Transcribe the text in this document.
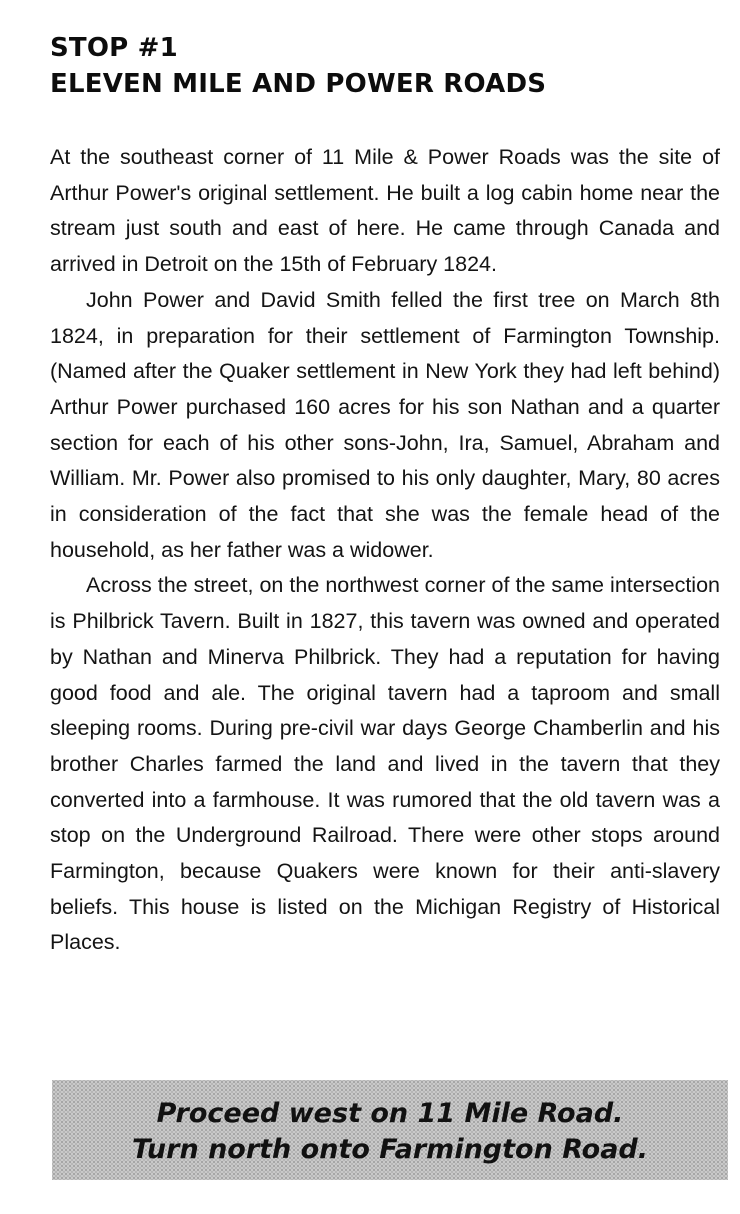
STOP #1
ELEVEN MILE AND POWER ROADS

At the southeast corner of 11 Mile & Power Roads was the site of Arthur Power's original settlement. He built a log cabin home near the stream just south and east of here. He came through Canada and arrived in Detroit on the 15th of February 1824.

John Power and David Smith felled the first tree on March 8th 1824, in preparation for their settlement of Farmington Township. (Named after the Quaker settlement in New York they had left behind) Arthur Power purchased 160 acres for his son Nathan and a quarter section for each of his other sons-John, Ira, Samuel, Abraham and William. Mr. Power also promised to his only daughter, Mary, 80 acres in consideration of the fact that she was the female head of the household, as her father was a widower.

Across the street, on the northwest corner of the same intersection is Philbrick Tavern. Built in 1827, this tavern was owned and operated by Nathan and Minerva Philbrick. They had a reputation for having good food and ale. The original tavern had a taproom and small sleeping rooms. During pre-civil war days George Chamberlin and his brother Charles farmed the land and lived in the tavern that they converted into a farmhouse. It was rumored that the old tavern was a stop on the Underground Railroad. There were other stops around Farmington, because Quakers were known for their anti-slavery beliefs. This house is listed on the Michigan Registry of Historical Places.

Proceed west on 11 Mile Road.
Turn north onto Farmington Road.
